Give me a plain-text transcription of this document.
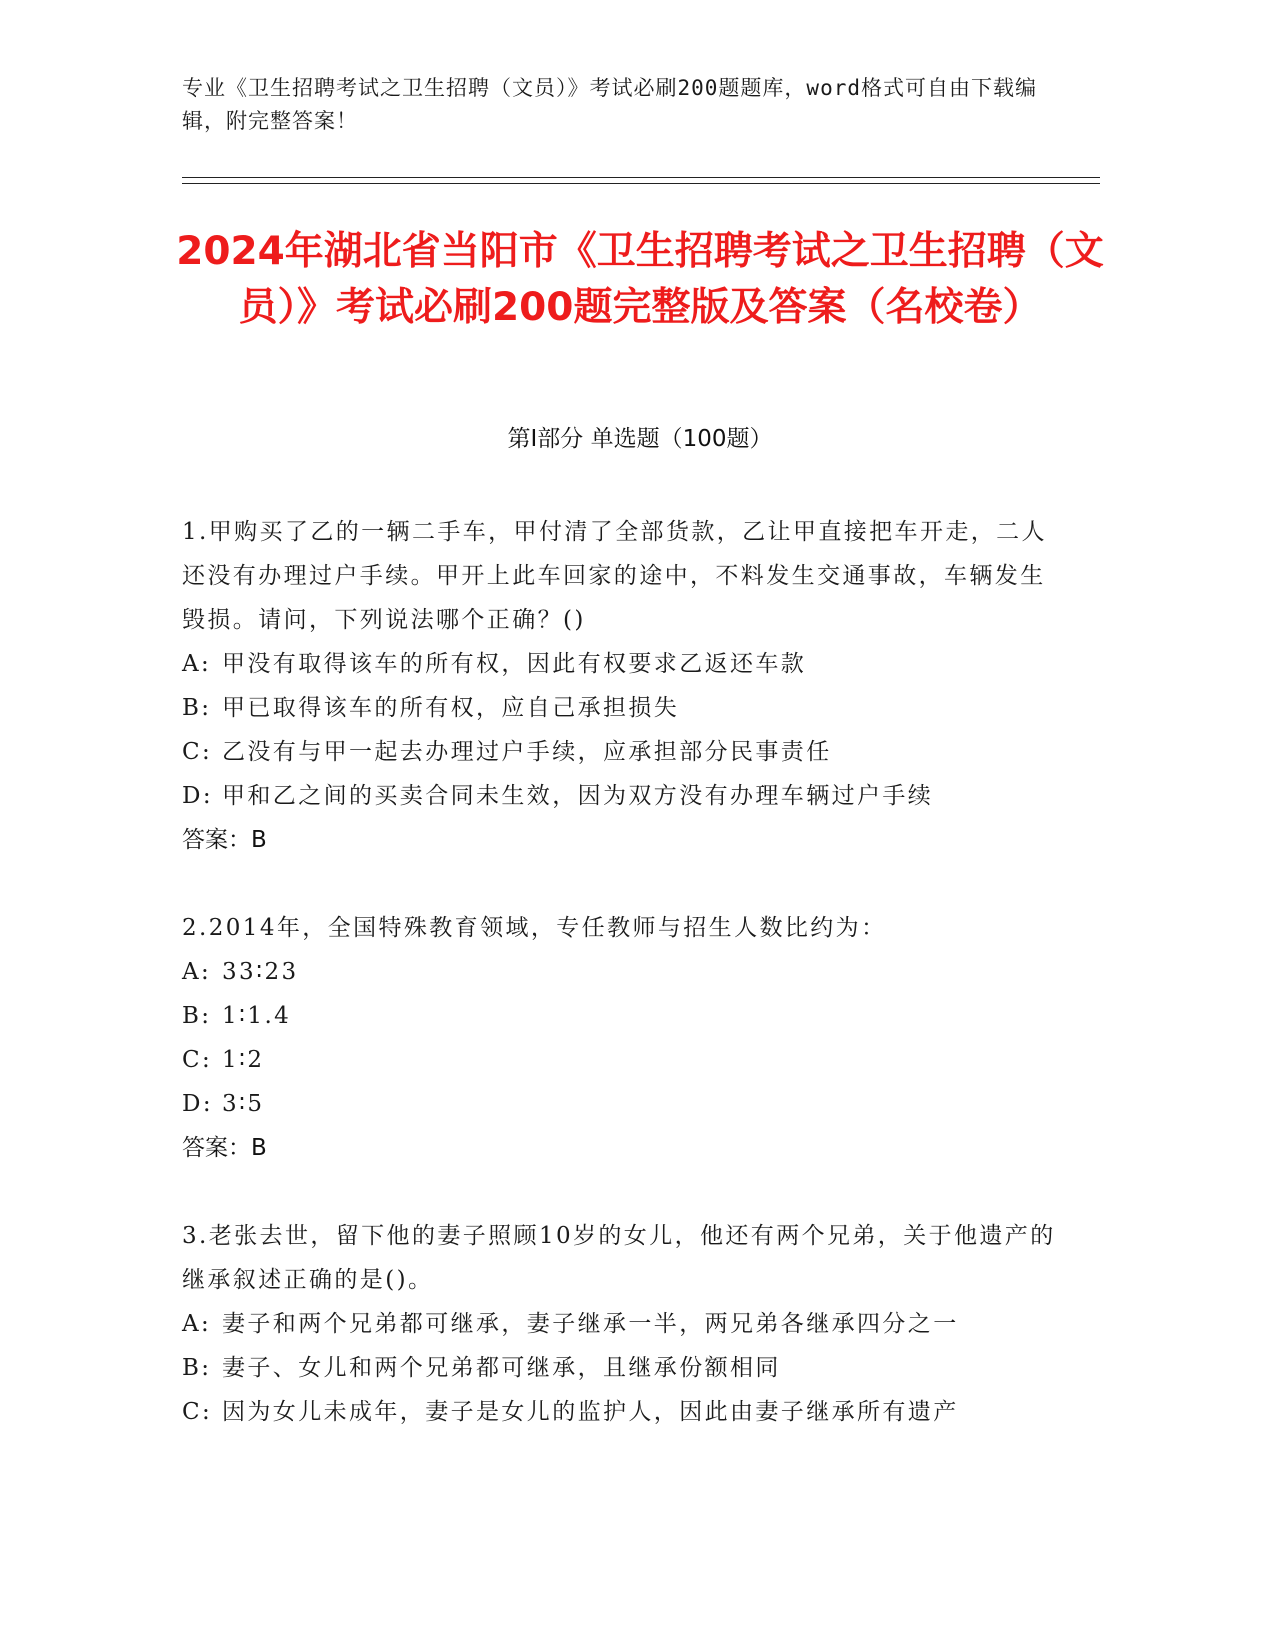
专业《卫生招聘考试之卫生招聘（文员）》考试必刷200题题库，word格式可自由下载编辑，附完整答案！
2024年湖北省当阳市《卫生招聘考试之卫生招聘（文员）》考试必刷200题完整版及答案（名校卷）
第Ⅰ部分 单选题（100题）

1.甲购买了乙的一辆二手车，甲付清了全部货款，乙让甲直接把车开走，二人还没有办理过户手续。甲开上此车回家的途中，不料发生交通事故，车辆发生毁损。请问，下列说法哪个正确？()

A: 甲没有取得该车的所有权，因此有权要求乙返还车款

B: 甲已取得该车的所有权，应自己承担损失

C: 乙没有与甲一起去办理过户手续，应承担部分民事责任

D: 甲和乙之间的买卖合同未生效，因为双方没有办理车辆过户手续

答案：B

2.2014年，全国特殊教育领域，专任教师与招生人数比约为：

A: 33∶23

B: 1∶1.4

C: 1∶2

D: 3∶5

答案：B

3.老张去世，留下他的妻子照顾10岁的女儿，他还有两个兄弟，关于他遗产的继承叙述正确的是()。

A: 妻子和两个兄弟都可继承，妻子继承一半，两兄弟各继承四分之一

B: 妻子、女儿和两个兄弟都可继承，且继承份额相同

C: 因为女儿未成年，妻子是女儿的监护人，因此由妻子继承所有遗产
